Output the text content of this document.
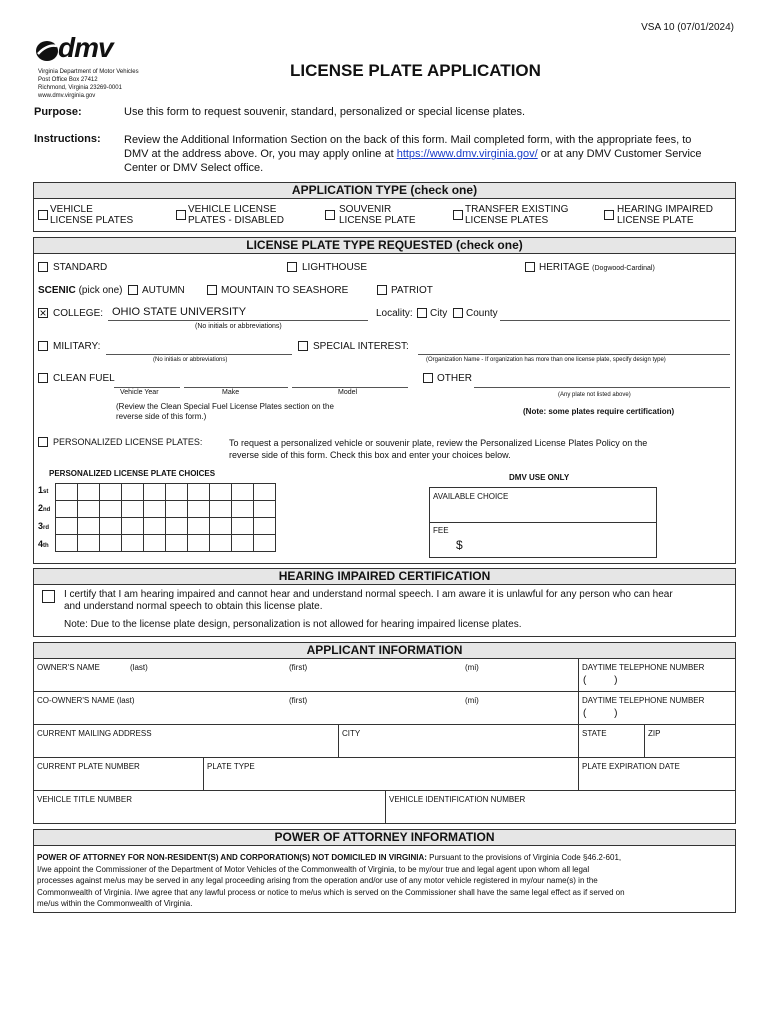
VSA 10 (07/01/2024)
dmv
Virginia Department of Motor Vehicles
Post Office Box 27412
Richmond, Virginia 23269-0001
www.dmv.virginia.gov
LICENSE PLATE APPLICATION
Purpose:	Use this form to request souvenir, standard, personalized or special license plates.
Instructions: Review the Additional Information Section on the back of this form. Mail completed form, with the appropriate fees, to
DMV at the address above. Or, you may apply online at https://www.dmv.virginia.gov/ or at any DMV Customer Service
Center or DMV Select office.
APPLICATION TYPE (check one)
VEHICLE
LICENSE PLATES
VEHICLE LICENSE
PLATES - DISABLED
SOUVENIR
LICENSE PLATE
TRANSFER EXISTING
LICENSE PLATES
HEARING IMPAIRED
LICENSE PLATE
LICENSE PLATE TYPE REQUESTED (check one)
STANDARD	LIGHTHOUSE	HERITAGE (Dogwood-Cardinal)
SCENIC (pick one) AUTUMN	MOUNTAIN TO SEASHORE	PATRIOT
×
COLLEGE: OHIO STATE UNIVERSITY
(No initials or abbreviations)
Locality: City County
MILITARY:
(No initials or abbreviations)
SPECIAL INTEREST:
(Organization Name - If organization has more than one license plate, specify design type)
CLEAN FUEL
Vehicle Year	Make	Model
(Review the Clean Special Fuel License Plates section on the
reverse side of this form.)
OTHER
(Any plate not listed above)
(Note: some plates require certification)
PERSONALIZED LICENSE PLATES:	To request a personalized vehicle or souvenir plate, review the Personalized License Plates Policy on the
reverse side of this form. Check this box and enter your choices below.
PERSONALIZED LICENSE PLATE CHOICES
1st
2nd
3rd
4th

DMV USE ONLY
AVAILABLE CHOICE
FEE
$
HEARING IMPAIRED CERTIFICATION
I certify that I am hearing impaired and cannot hear and understand normal speech. I am aware it is unlawful for any person who can hear
and understand normal speech to obtain this license plate.
Note: Due to the license plate design, personalization is not allowed for hearing impaired license plates.
APPLICANT INFORMATION
OWNER'S NAME	(last)	(first)	(mi)	DAYTIME TELEPHONE NUMBER
(          )
CO-OWNER'S NAME (last)	(first)	(mi)	DAYTIME TELEPHONE NUMBER
(          )
CURRENT MAILING ADDRESS	CITY	STATE	ZIP
CURRENT PLATE NUMBER	PLATE TYPE	PLATE EXPIRATION DATE
VEHICLE TITLE NUMBER	VEHICLE IDENTIFICATION NUMBER
POWER OF ATTORNEY INFORMATION
POWER OF ATTORNEY FOR NON-RESIDENT(S) AND CORPORATION(S) NOT DOMICILED IN VIRGINIA: Pursuant to the provisions of Virginia Code §46.2-601,
I/we appoint the Commissioner of the Department of Motor Vehicles of the Commonwealth of Virginia, to be my/our true and legal agent upon whom all legal
processes against me/us may be served in any legal proceeding arising from the operation and/or use of any motor vehicle registered in my/our name(s) in the
Commonwealth of Virginia. I/we agree that any lawful process or notice to me/us which is served on the Commissioner shall have the same legal effect as if served on
me/us within the Commonwealth of Virginia.
